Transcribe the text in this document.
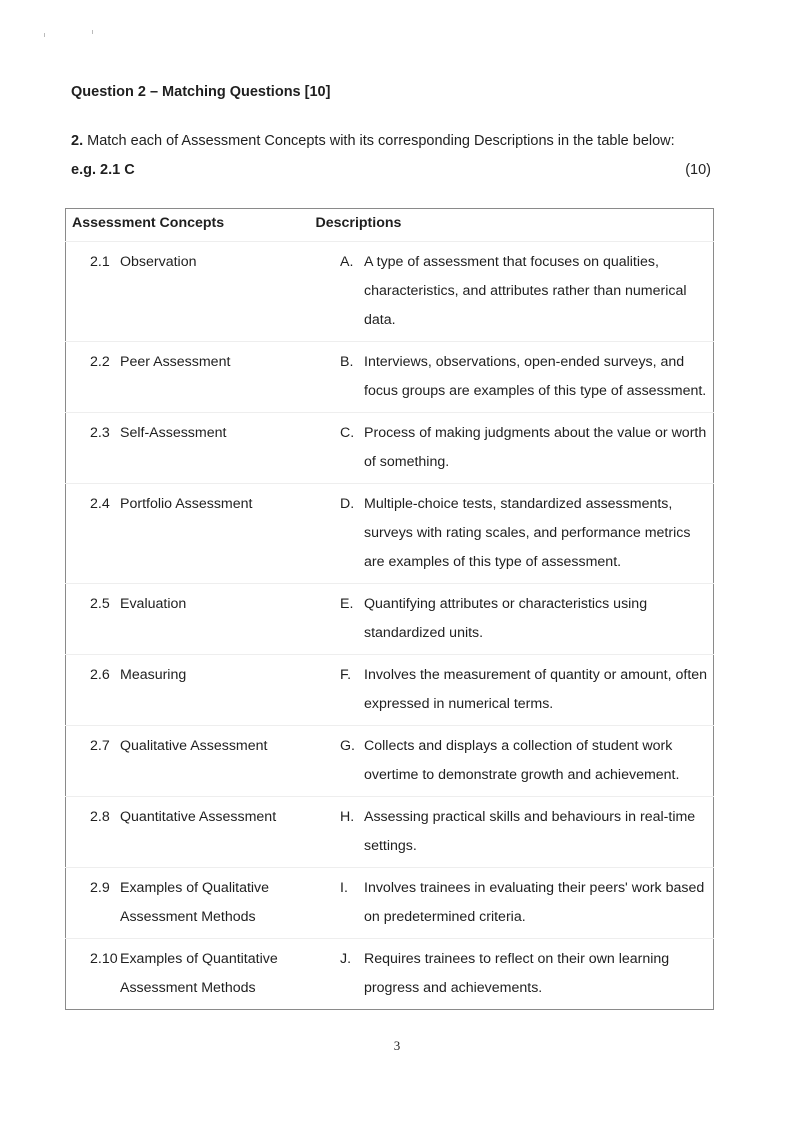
Question 2 – Matching Questions [10]
2. Match each of Assessment Concepts with its corresponding Descriptions in the table below:
e.g. 2.1 C	(10)
Assessment Concepts Descriptions	

2.1 Observation	A. A type of assessment that focuses on qualities, characteristics, and attributes rather than numerical data.

2.2 Peer Assessment	B. Interviews, observations, open-ended surveys, and focus groups are examples of this type of assessment.

2.3 Self-Assessment	C. Process of making judgments about the value or worth of something.

2.4 Portfolio Assessment	D. Multiple-choice tests, standardized assessments, surveys with rating scales, and performance metrics are examples of this type of assessment.

2.5 Evaluation	E. Quantifying attributes or characteristics using standardized units.

2.6 Measuring	F. Involves the measurement of quantity or amount, often expressed in numerical terms.

2.7 Qualitative Assessment	G. Collects and displays a collection of student work overtime to demonstrate growth and achievement.

2.8 Quantitative Assessment	H. Assessing practical skills and behaviours in real-time settings.

2.9 Examples of Qualitative Assessment Methods	I. Involves trainees in evaluating their peers' work based on predetermined criteria.

2.10 Examples of Quantitative Assessment Methods	J. Requires trainees to reflect on their own learning progress and achievements.
3
